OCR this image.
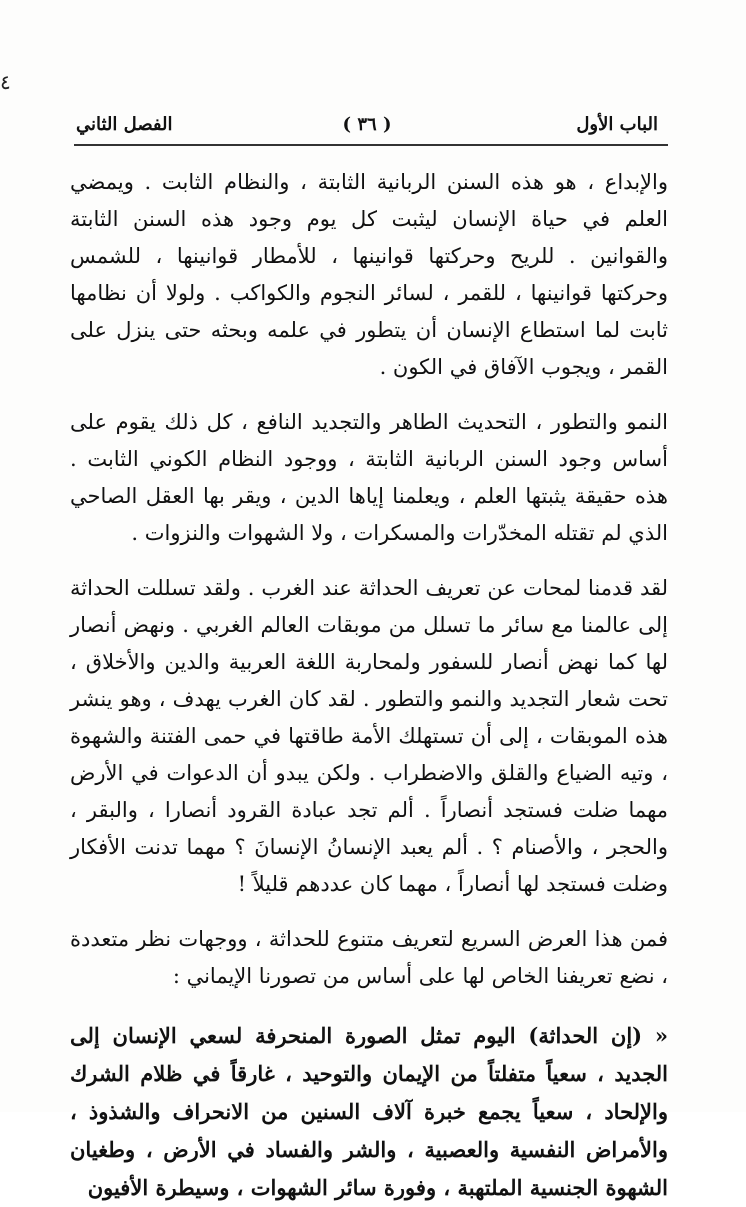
٤
الباب الأول
( ٣٦ )
الفصل الثاني

والإبداع ، هو هذه السنن الربانية الثابتة ، والنظام الثابت . ويمضي العلم في حياة الإنسان ليثبت كل يوم وجود هذه السنن الثابتة والقوانين . للريح وحركتها قوانينها ، للأمطار قوانينها ، للشمس وحركتها قوانينها ، للقمر ، لسائر النجوم والكواكب . ولولا أن نظامها ثابت لما استطاع الإنسان أن يتطور في علمه وبحثه حتى ينزل على القمر ، ويجوب الآفاق في الكون .

النمو والتطور ، التحديث الطاهر والتجديد النافع ، كل ذلك يقوم على أساس وجود السنن الربانية الثابتة ، ووجود النظام الكوني الثابت . هذه حقيقة يثبتها العلم ، ويعلمنا إياها الدين ، ويقر بها العقل الصاحي الذي لم تقتله المخدّرات والمسكرات ، ولا الشهوات والنزوات .

لقد قدمنا لمحات عن تعريف الحداثة عند الغرب . ولقد تسللت الحداثة إلى عالمنا مع سائر ما تسلل من موبقات العالم الغربي . ونهض أنصار لها كما نهض أنصار للسفور ولمحاربة اللغة العربية والدين والأخلاق ، تحت شعار التجديد والنمو والتطور . لقد كان الغرب يهدف ، وهو ينشر هذه الموبقات ، إلى أن تستهلك الأمة طاقتها في حمى الفتنة والشهوة ، وتيه الضياع والقلق والاضطراب . ولكن يبدو أن الدعوات في الأرض مهما ضلت فستجد أنصاراً . ألم تجد عبادة القرود أنصارا ، والبقر ، والحجر ، والأصنام ؟ . ألم يعبد الإنسانُ الإنسانَ ؟ مهما تدنت الأفكار وضلت فستجد لها أنصاراً ، مهما كان عددهم قليلاً !

فمن هذا العرض السريع لتعريف متنوع للحداثة ، ووجهات نظر متعددة ، نضع تعريفنا الخاص لها على أساس من تصورنا الإيماني :

« (إن الحداثة) اليوم تمثل الصورة المنحرفة لسعي الإنسان إلى الجديد ، سعياً متفلتاً من الإيمان والتوحيد ، غارقاً في ظلام الشرك والإلحاد ، سعياً يجمع خبرة آلاف السنين من الانحراف والشذوذ ، والأمراض النفسية والعصبية ، والشر والفساد في الأرض ، وطغيان الشهوة الجنسية الملتهبة ، وفورة سائر الشهوات ، وسيطرة الأفيون
